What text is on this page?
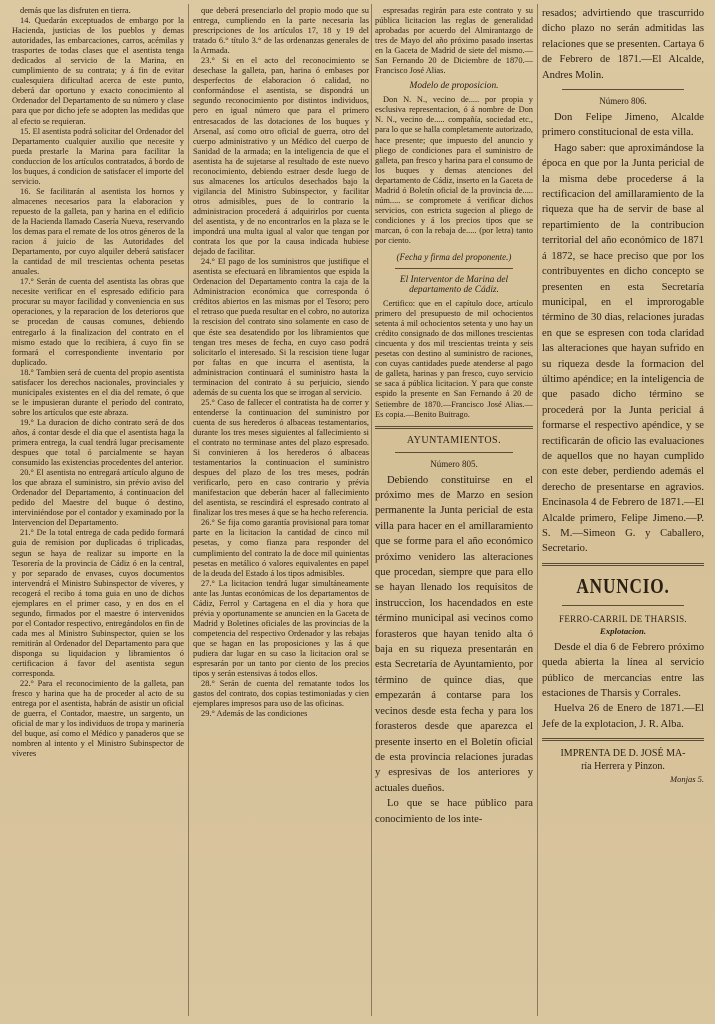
demás que las disfruten en tierra.

14. Quedarán exceptuados de embargo por la Hacienda, justicias de los pueblos y demas autoridades, las embarcaciones, carros, acémilas y trasportes de todas clases que el asentista tenga dedicados al servicio de la Marina, en cumplimiento de su contrata; y á fin de evitar cualesquiera dificultad acerca de este punto, deberá dar oportuno y exacto conocimiento al Ordenador del Departamento de su número y clase para que por dicho jefe se adopten las medidas que al efecto se requieran.

15. El asentista podrá solicitar del Ordenador del Departamento cualquier auxilio que necesite y pueda prestarle la Marina para facilitar la conduccion de los artículos contratados, á bordo de los buques, á condicion de satisfacer el importe del servicio.

16. Se facilitarán al asentista los hornos y almacenes necesarios para la elaboracion y repuesto de la galleta, pan y harina en el edificio de la Hacienda llamado Casería Nueva, reservando los demas para el remate de los otros géneros de la racion á juicio de las Autoridades del Departamento, por cuyo alquiler deberá satisfacer la cantidad de mil trescientas ochenta pesetas anuales.

17.° Serán de cuenta del asentista las obras que necesite verificar en el espresado edificio para procurar su mayor facilidad y conveniencia en sus operaciones, y la reparacion de los deterioros que se procedan de causas comunes, debiendo entregarlo á la finalizacion del contrato en el mismo estado que lo recibiera, á cuyo fin se formará el correspondiente inventario por duplicado.

18.° Tambien será de cuenta del propio asentista satisfacer los derechos nacionales, provinciales y municipales existentes en el dia del remate, ó que se le impusieran durante el período del contrato, sobre los artículos que este abraza.

19.° La duracion de dicho contrato será de dos años, á contar desde el dia que el asentista haga la primera entrega, la cual tendrá lugar precisamente despues que total ó parcialmente se hayan consumido las existencias procedentes del anterior.

20.° El asentista no entregará artículo alguno de los que abraza el suministro, sin prévio aviso del Ordenador del Departamento, á continuacion del pedido del Maestre del buque ó destino, interviniéndose por el contador y examinado por la Intervencion del Departamento.

21.° De la total entrega de cada pedido formará guia de remision por duplicadas ó triplicadas, segun se haya de realizar su importe en la Tesorería de la provincia de Cádiz ó en la central, y por separado de envases, cuyos documentos intervendrá el Ministro Subinspector de víveres, y recogerá el recibo á toma guia en uno de dichos ejemplares en el primer caso, y en dos en el segundo, firmados por el maestre ó intervenidos por el Contador respectivo, entregándolos en fin de cada mes al Ministro Subinspector, quien se los remitirán al Ordenador del Departamento para que disponga su liquidacion y libramientos ó certificacion á favor del asentista segun corresponda.

22.° Para el reconocimiento de la galleta, pan fresco y harina que ha de proceder al acto de su entrega por el asentista, habrán de asistir un oficial de guerra, el Contador, maestre, un sargento, un oficial de mar y los individuos de tropa y marinería del buque, así como el Médico y panaderos que se nombren al intento y el Ministro Subinspector de víveres

que deberá presenciarlo del propio modo que su entrega, cumpliendo en la parte necesaria las prescripciones de los artículos 17, 18 y 19 del tratado 6.° título 3.° de las ordenanzas generales de la Armada.

23.° Si en el acto del reconocimiento se desechase la galleta, pan, harina ó embases por desperfectos de elaboracion ó calidad, no conformándose el asentista, se dispondrá un segundo reconocimiento por distintos individuos, pero en igual número que para el primero entresacados de las dotaciones de los buques y Arsenal, así como otro oficial de guerra, otro del cuerpo administrativo y un Médico del cuerpo de Sanidad de la armada; en la inteligencia de que el asentista ha de sujetarse al resultado de este nuevo reconocimiento, debiendo estraer desde luego de sus almacenes los artículos desechados bajo la vigilancia del Ministro Subinspector, y facilitar otros admisibles, pues de lo contrario la administracion procederá á adquirirlos por cuenta del asentista, y de no encontrarlos en la plaza se le impondrá una multa igual al valor que tengan por contrata los que por la causa indicada hubiese dejado de facilitar.

24.° El pago de los suministros que justifique el asentista se efectuará en libramientos que espida la Ordenacion del Departamento contra la caja de la Administracion económica que corresponda ó créditos abiertos en las mismas por el Tesoro; pero el retraso que pueda resultar en el cobro, no autoriza la rescision del contrato sino solamente en caso de que éste sea desatendido por los libramientos que tengan tres meses de fecha, en cuyo caso podrá solicitarlo el interesado. Si la rescision tiene lugar por faltas en que incurra el asentista, la administracion continuará el suministro hasta la terminacion del contrato á su perjuicio, siendo además de su cuenta los que se irrogan al servicio.

25.° Caso de fallecer el contratista ha de correr y entenderse la continuacion del suministro por cuenta de sus herederos ó albaceas testamentarios, durante los tres meses siguientes al fallecimiento si el contrato no terminase antes del plazo espresado. Si convinieren á los herederos ó albaceas testamentarios la continuacion el suministro despues del plazo de los tres meses, podrán verificarlo, pero en caso contrario y prévia manifestacion que deberán hacer al fallecimiento del asentista, se rescindirá el espresado contrato al finalizar los tres meses á que se ha hecho referencia.

26.° Se fija como garantía provisional para tomar parte en la licitacion la cantidad de cinco mil pesetas, y como fianza para responder del cumplimiento del contrato la de doce mil quinientas pesetas en metálico ó valores equivalentes en papel de la deuda del Estado á los tipos admisibles.

27.° La licitacion tendrá lugar simultáneamente ante las Juntas económicas de los departamentos de Cádiz, Ferrol y Cartagena en el dia y hora que prévia y oportunamente se anuncien en la Gaceta de Madrid y Boletines oficiales de las provincias de la competencia del respectivo Ordenador y las rebajas que se hagan en las proposiciones y las á que pudiera dar lugar en su caso la licitacion oral se espresarán por un tanto por ciento de los precios tipos y serán estensivas á todos ellos.

28.° Serán de cuenta del rematante todos los gastos del contrato, dos copias testimoniadas y cien ejemplares impresos para uso de las oficinas.

29.° Además de las condiciones

espresadas regirán para este contrato y su pública licitacion las reglas de generalidad aprobadas por acuerdo del Almirantazgo de tres de Mayo del año próximo pasado insertas en la Gaceta de Madrid de siete del mismo.—San Fernando 20 de Diciembre de 1870.—Francisco José Alias.

Modelo de proposicion.

Don N. N., vecino de..... por propia y esclusiva representacion, ó á nombre de Don N. N., vecino de..... compañía, sociedad etc., para lo que se halla completamente autorizado, hace presente; que impuesto del anuncio y pliego de condiciones para el suministro de galleta, pan fresco y harina para el consumo de los buques y demas atenciones del departamento de Cádiz, inserto en la Gaceta de Madrid ó Boletín oficial de la provincia de..... núm..... se compromete á verificar dichos servicios, con estricta sugecion al pliego de condiciones y á los precios tipos que se marcan, ó con la rebaja de..... (por letra) tanto por ciento.

(Fecha y firma del proponente.)
El Interventor de Marina del departamento de Cádiz.

Certifico: que en el capítulo doce, artículo primero del presupuesto de mil ochocientos setenta á mil ochocientos setenta y uno hay un crédito consignado de dos millones trescientas cincuenta y dos mil trescientas treinta y seis pesetas con destino al suministro de raciones, con cuyas cantidades puede atenderse al pago de galleta, harinas y pan fresco, cuyo servicio se saca á pública licitacion. Y para que conste espido la presente en San Fernando á 20 de Setiembre de 1870.—Francisco José Alias.—Es copia.—Benito Buitrago.

AYUNTAMIENTOS.
Número 805.

Debiendo constituirse en el próximo mes de Marzo en sesion permanente la Junta pericial de esta villa para hacer en el amillaramiento que se forme para el año económico próximo venidero las alteraciones que procedan, siempre que para ello se hayan llenado los requisitos de instruccion, los hacendados en este término municipal asi vecinos como forasteros que hayan tenido alta ó baja en su riqueza presentarán en esta Secretaría de Ayuntamiento, por término de quince dias, que empezarán á contarse para los vecinos desde esta fecha y para los forasteros desde que aparezca el presente inserto en el Boletín oficial de esta provincia relaciones juradas y espresivas de los anteriores y actuales dueños.

Lo que se hace público para conocimiento de los inte-

resados; advirtiendo que trascurrido dicho plazo no serán admitidas las relaciones que se presenten. Cartaya 6 de Febrero de 1871.—El Alcalde, Andres Molin.

Número 806.

Don Felipe Jimeno, Alcalde primero constitucional de esta villa.

Hago saber: que aproximándose la época en que por la Junta pericial de la misma debe procederse á la rectificacion del amillaramiento de la riqueza que ha de servir de base al repartimiento de la contribucion territorial del año económico de 1871 á 1872, se hace preciso que por los contribuyentes en dicho concepto se presenten en esta Secretaría municipal, en el improrogable término de 30 dias, relaciones juradas en que se espresen con toda claridad las alteraciones que hayan sufrido en su riqueza desde la formacion del último apéndice; en la inteligencia de que pasado dicho término se procederá por la Junta pericial á formarse el respectivo apéndice, y se rectificarán de oficio las evaluaciones de aquellos que no hayan cumplido con este deber, perdiendo además el derecho de presentarse en agravios. Encinasola 4 de Febrero de 1871.—El Alcalde primero, Felipe Jimeno.—P. S. M.—Simeon G. y Caballero, Secretario.

ANUNCIO.
FERRO-CARRIL DE THARSIS.
Explotacion.

Desde el dia 6 de Febrero próximo queda abierta la línea al servicio público de mercancias entre las estaciones de Tharsis y Corrales.

Huelva 26 de Enero de 1871.—El Jefe de la explotacion, J. R. Alba.

IMPRENTA DE D. JOSÉ MA-
ría Herrera y Pinzon.
Monjas 5.
